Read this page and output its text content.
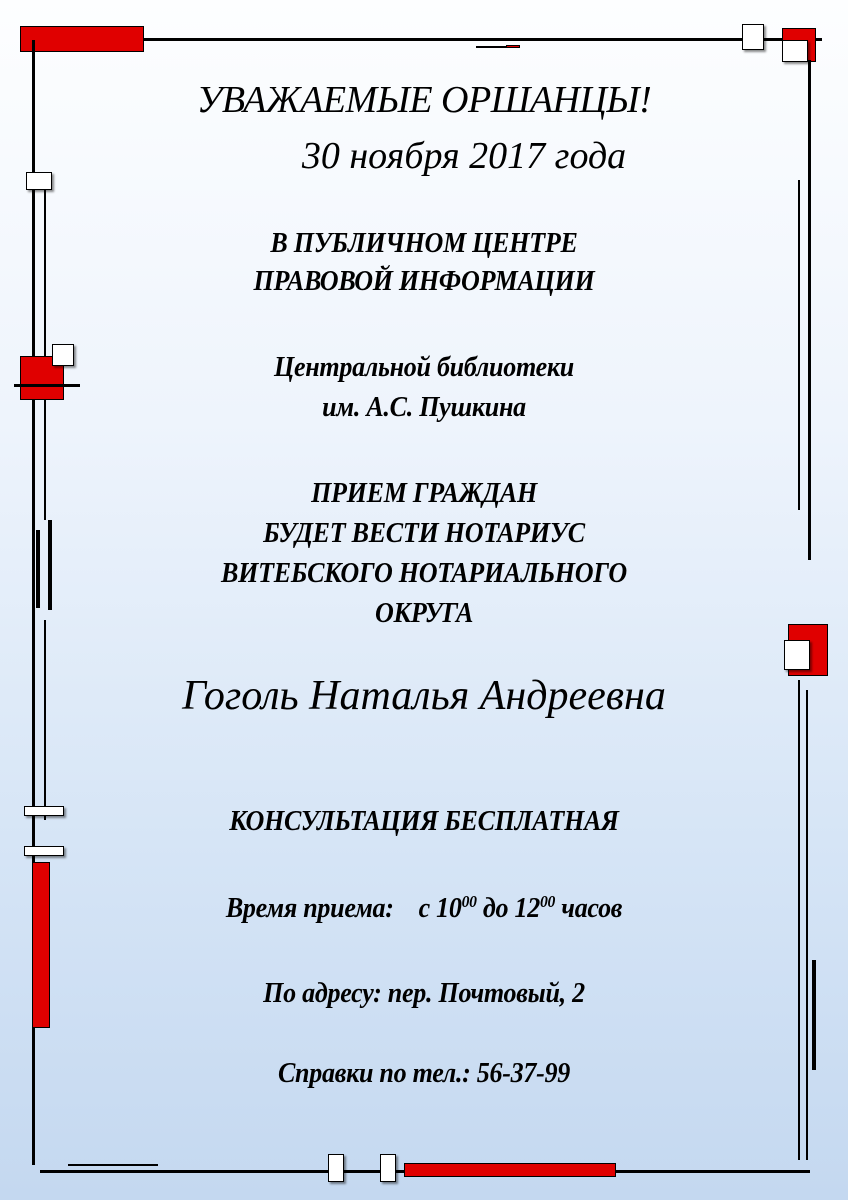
УВАЖАЕМЫЕ ОРШАНЦЫ!
30 ноября 2017 года
В ПУБЛИЧНОМ ЦЕНТРЕ
ПРАВОВОЙ ИНФОРМАЦИИ
Центральной библиотеки
им. А.С. Пушкина
ПРИЕМ ГРАЖДАН
БУДЕТ ВЕСТИ НОТАРИУС
ВИТЕБСКОГО НОТАРИАЛЬНОГО
ОКРУГА
Гоголь Наталья Андреевна
КОНСУЛЬТАЦИЯ БЕСПЛАТНАЯ
Время приема: с $10^{00}$ до $12^{00}$ часов
По адресу: пер. Почтовый, 2
Справки по тел.: 56-37-99
